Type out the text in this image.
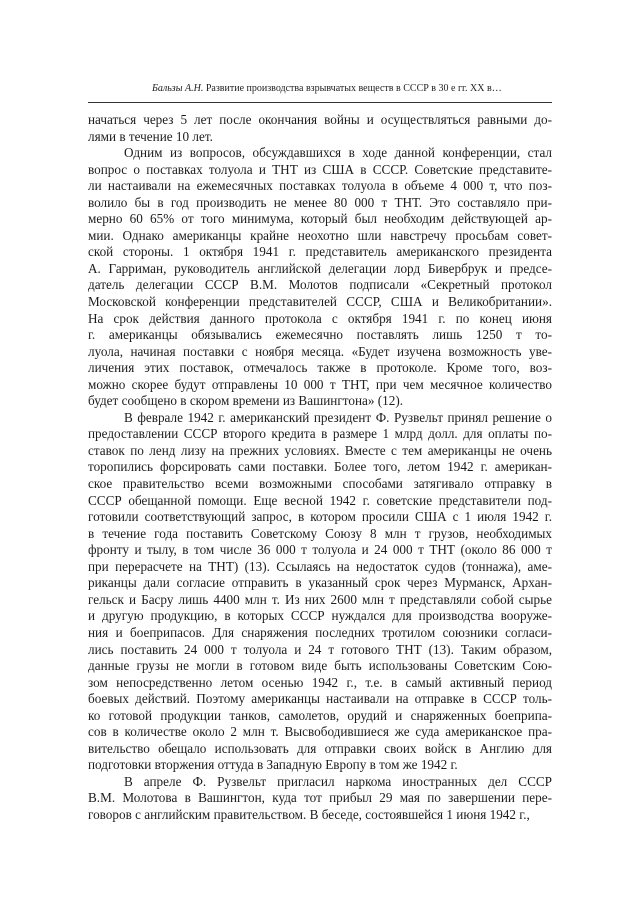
Бальзы А.Н. Развитие производства взрывчатых веществ в СССР в 30 е гг. XX в…
начаться через 5 лет после окончания войны и осуществляться равными до-
лями в течение 10 лет.
Одним из вопросов, обсуждавшихся в ходе данной конференции, стал
вопрос о поставках толуола и ТНТ из США в СССР. Советские представите-
ли настаивали на ежемесячных поставках толуола в объеме 4 000 т, что поз-
волило бы в год производить не менее 80 000 т ТНТ. Это составляло при-
мерно 60 65% от того минимума, который был необходим действующей ар-
мии. Однако американцы крайне неохотно шли навстречу просьбам совет-
ской стороны. 1 октября 1941 г. представитель американского президента
А. Гарриман, руководитель английской делегации лорд Бивербрук и предсе-
датель делегации СССР В.М. Молотов подписали «Секретный протокол
Московской конференции представителей СССР, США и Великобритании».
На срок действия данного протокола с октября 1941 г. по конец июня
г. американцы обязывались ежемесячно поставлять лишь 1250 т то-
луола, начиная поставки с ноября месяца. «Будет изучена возможность уве-
личения этих поставок, отмечалось также в протоколе. Кроме того, воз-
можно скорее будут отправлены 10 000 т ТНТ, при чем месячное количество
будет сообщено в скором времени из Вашингтона» (12).
В феврале 1942 г. американский президент Ф. Рузвельт принял решение о
предоставлении СССР второго кредита в размере 1 млрд долл. для оплаты по-
ставок по ленд лизу на прежних условиях. Вместе с тем американцы не очень
торопились форсировать сами поставки. Более того, летом 1942 г. американ-
ское правительство всеми возможными способами затягивало отправку в
СССР обещанной помощи. Еще весной 1942 г. советские представители под-
готовили соответствующий запрос, в котором просили США с 1 июля 1942 г.
в течение года поставить Советскому Союзу 8 млн т грузов, необходимых
фронту и тылу, в том числе 36 000 т толуола и 24 000 т ТНТ (около 86 000 т
при перерасчете на ТНТ) (13). Ссылаясь на недостаток судов (тоннажа), аме-
риканцы дали согласие отправить в указанный срок через Мурманск, Архан-
гельск и Басру лишь 4400 млн т. Из них 2600 млн т представляли собой сырье
и другую продукцию, в которых СССР нуждался для производства вооруже-
ния и боеприпасов. Для снаряжения последних тротилом союзники согласи-
лись поставить 24 000 т толуола и 24 т готового ТНТ (13). Таким образом,
данные грузы не могли в готовом виде быть использованы Советским Сою-
зом непосредственно летом осенью 1942 г., т.е. в самый активный период
боевых действий. Поэтому американцы настаивали на отправке в СССР толь-
ко готовой продукции танков, самолетов, орудий и снаряженных боеприпа-
сов в количестве около 2 млн т. Высвободившиеся же суда американское пра-
вительство обещало использовать для отправки своих войск в Англию для
подготовки вторжения оттуда в Западную Европу в том же 1942 г.
В апреле Ф. Рузвельт пригласил наркома иностранных дел СССР
В.М. Молотова в Вашингтон, куда тот прибыл 29 мая по завершении пере-
говоров с английским правительством. В беседе, состоявшейся 1 июня 1942 г.,
